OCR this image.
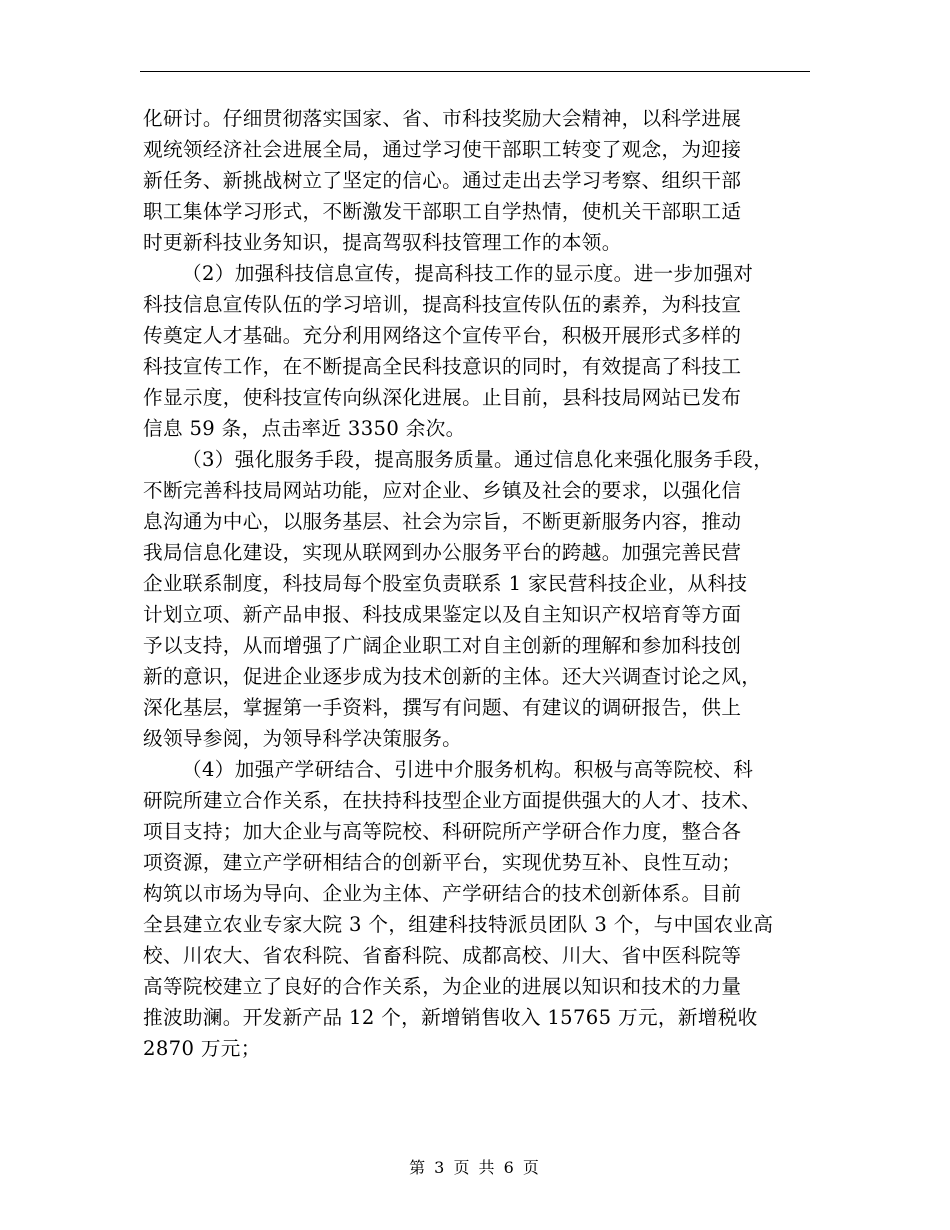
化研讨。仔细贯彻落实国家、省、市科技奖励大会精神，以科学进展
观统领经济社会进展全局，通过学习使干部职工转变了观念，为迎接
新任务、新挑战树立了坚定的信心。通过走出去学习考察、组织干部
职工集体学习形式，不断激发干部职工自学热情，使机关干部职工适
时更新科技业务知识，提高驾驭科技管理工作的本领。
（2）加强科技信息宣传，提高科技工作的显示度。进一步加强对
科技信息宣传队伍的学习培训，提高科技宣传队伍的素养，为科技宣
传奠定人才基础。充分利用网络这个宣传平台，积极开展形式多样的
科技宣传工作，在不断提高全民科技意识的同时，有效提高了科技工
作显示度，使科技宣传向纵深化进展。止目前，县科技局网站已发布
信息 59 条，点击率近 3350 余次。
（3）强化服务手段，提高服务质量。通过信息化来强化服务手段，
不断完善科技局网站功能，应对企业、乡镇及社会的要求，以强化信
息沟通为中心，以服务基层、社会为宗旨，不断更新服务内容，推动
我局信息化建设，实现从联网到办公服务平台的跨越。加强完善民营
企业联系制度，科技局每个股室负责联系 1 家民营科技企业，从科技
计划立项、新产品申报、科技成果鉴定以及自主知识产权培育等方面
予以支持，从而增强了广阔企业职工对自主创新的理解和参加科技创
新的意识，促进企业逐步成为技术创新的主体。还大兴调查讨论之风，
深化基层，掌握第一手资料，撰写有问题、有建议的调研报告，供上
级领导参阅，为领导科学决策服务。
（4）加强产学研结合、引进中介服务机构。积极与高等院校、科
研院所建立合作关系，在扶持科技型企业方面提供强大的人才、技术、
项目支持；加大企业与高等院校、科研院所产学研合作力度，整合各
项资源，建立产学研相结合的创新平台，实现优势互补、良性互动；
构筑以市场为导向、企业为主体、产学研结合的技术创新体系。目前
全县建立农业专家大院 3 个，组建科技特派员团队 3 个，与中国农业高
校、川农大、省农科院、省畜科院、成都高校、川大、省中医科院等
高等院校建立了良好的合作关系，为企业的进展以知识和技术的力量
推波助澜。开发新产品 12 个，新增销售收入 15765 万元，新增税收
2870 万元；
第 3 页 共 6 页
